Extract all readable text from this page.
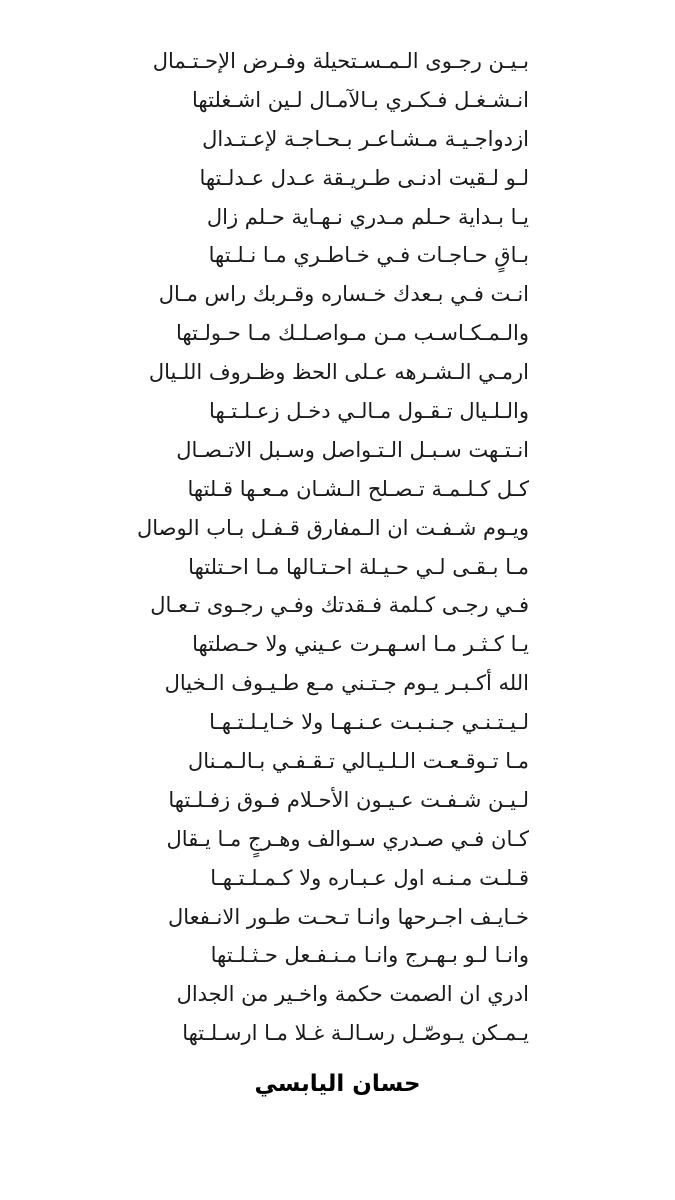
بـيـن رجـوى الـمـسـتحيلة وفـرض الإحـتـمال
انـشـغـل فـكـري بـالآمـال لـين اشـغلتها
ازدواجـيـة مـشـاعـر بـحـاجـة لإعـتـدال
لـو لـقيت ادنـى طـريـقة عـدل عـدلـتها
يـا بـداية حـلم مـدري نـهـاية حـلم زال
بـاقٍ حـاجـات فـي خـاطـري مـا نـلـتها
انـت فـي بـعدك خـساره وقـربك راس مـال
والـمـكـاسـب مـن مـواصـلـك مـا حـولـتها
ارمـي الـشـرهه عـلى الحظ وظـروف اللـيال
والـلـيال تـقـول مـالـي دخـل زعـلـتـها
انـتـهت سـبـل الـتـواصل وسـبل الاتـصـال
كـل كـلـمـة تـصـلح الـشـان مـعـها قـلتها
ويـوم شـفـت ان الـمفارق قـفـل بـاب الوصال
مـا بـقـى لـي حـيـلة احـتـالها مـا احـتلتها
فـي رجـى كـلمة فـقدتك وفـي رجـوى تـعـال
يـا كـثـر مـا اسـهـرت عـيني ولا حـصلتها
الله أكـبـر يـوم جـتـني مـع طـيـوف الـخيال
لـيـتـنـي جـنـبـت عـنـهـا ولا خـايـلـتـهـا
مـا تـوقـعـت الـلـيـالي تـقـفـي بـالـمـنال
لـيـن شـفـت عـيـون الأحـلام فـوق زفـلـتها
كـان فـي صـدري سـوالف وهـرجٍ مـا يـقال
قـلـت مـنـه اول عـبـاره ولا كـمـلـتـهـا
خـايـف اجـرحها وانـا تـحـت طـور الانـفعال
وانـا لـو بـهـرج وانـا مـنـفـعل حـثـلـتها
ادري ان الصمت حكمة واخـير من الجدال
يـمـكن يـوصّـل رسـالـة غـلا مـا ارسـلـتها
حسان اليابسي
